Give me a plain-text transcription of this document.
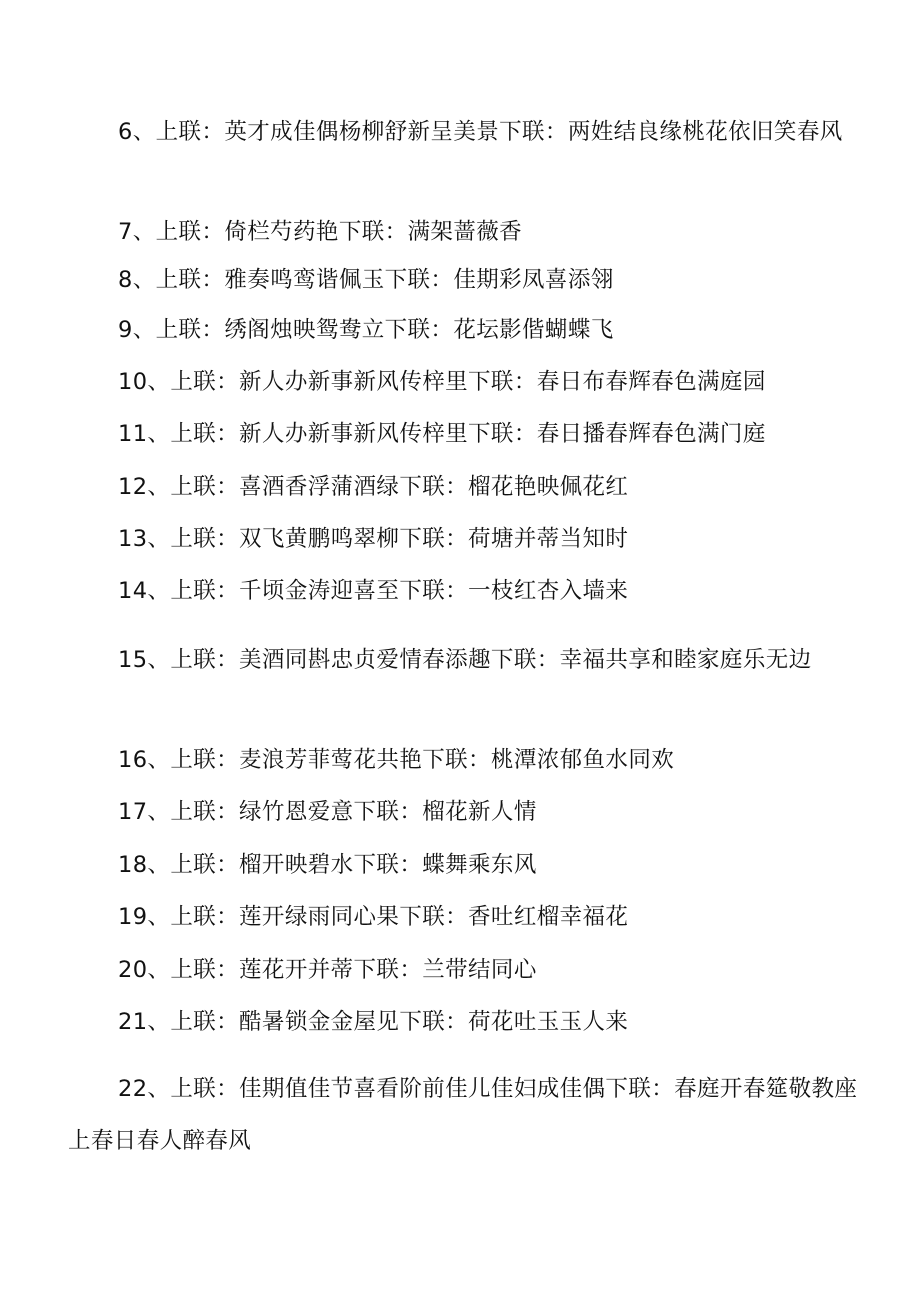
6、上联：英才成佳偶杨柳舒新呈美景下联：两姓结良缘桃花依旧笑春风

7、上联：倚栏芍药艳下联：满架蔷薇香

8、上联：雅奏鸣鸾谐佩玉下联：佳期彩凤喜添翎

9、上联：绣阁烛映鸳鸯立下联：花坛影偕蝴蝶飞

10、上联：新人办新事新风传梓里下联：春日布春辉春色满庭园

11、上联：新人办新事新风传梓里下联：春日播春辉春色满门庭

12、上联：喜酒香浮蒲酒绿下联：榴花艳映佩花红

13、上联：双飞黄鹏鸣翠柳下联：荷塘并蒂当知时

14、上联：千顷金涛迎喜至下联：一枝红杏入墙来

15、上联：美酒同斟忠贞爱情春添趣下联：幸福共享和睦家庭乐无边

16、上联：麦浪芳菲莺花共艳下联：桃潭浓郁鱼水同欢

17、上联：绿竹恩爱意下联：榴花新人情

18、上联：榴开映碧水下联：蝶舞乘东风

19、上联：莲开绿雨同心果下联：香吐红榴幸福花

20、上联：莲花开并蒂下联：兰带结同心

21、上联：酷暑锁金金屋见下联：荷花吐玉玉人来

22、上联：佳期值佳节喜看阶前佳儿佳妇成佳偶下联：春庭开春筵敬教座上春日春人醉春风
